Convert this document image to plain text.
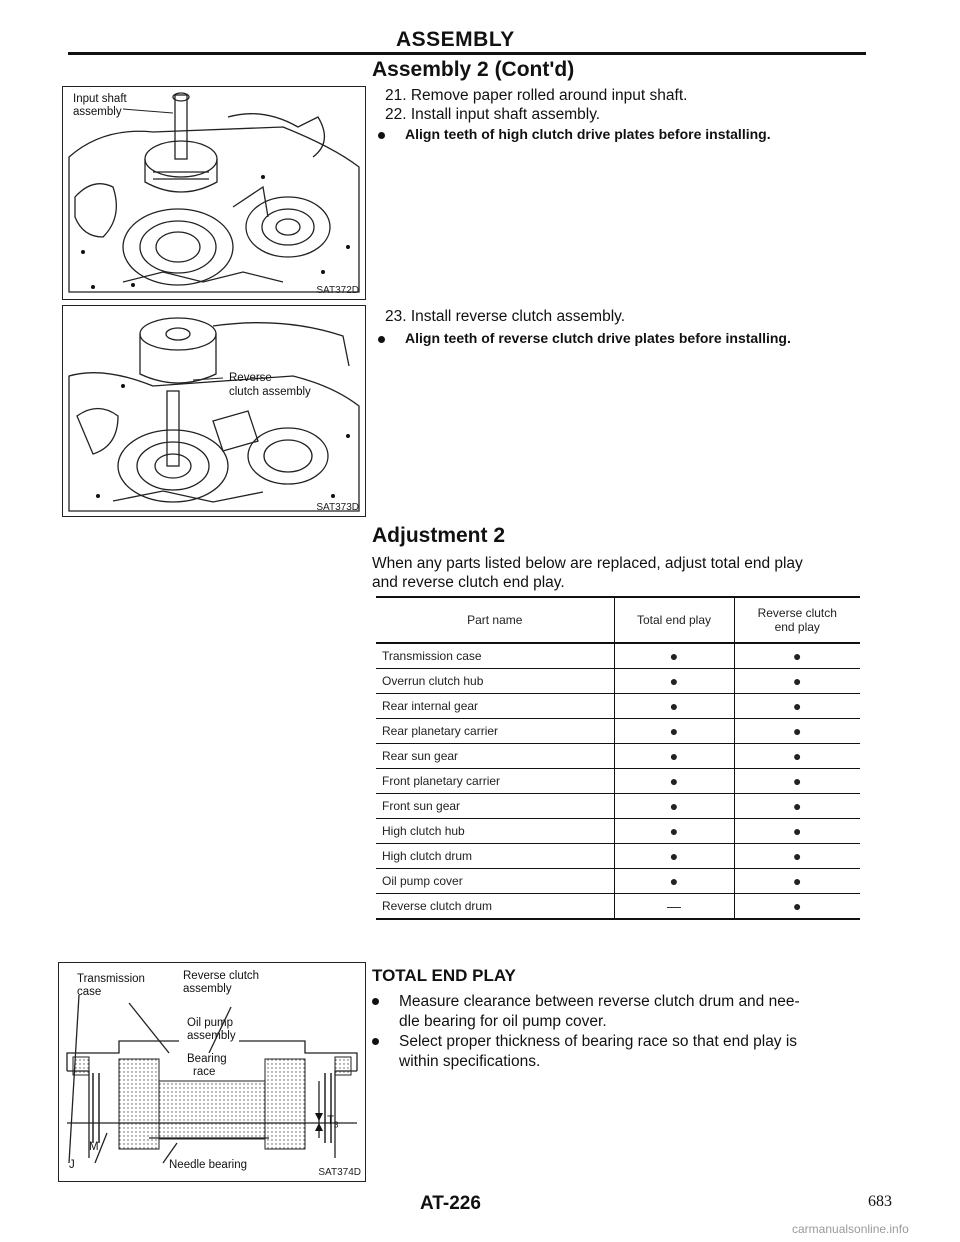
ASSEMBLY
Assembly 2 (Cont'd)
21. Remove paper rolled around input shaft.
22. Install input shaft assembly.
Align teeth of high clutch drive plates before installing.
23. Install reverse clutch assembly.
Align teeth of reverse clutch drive plates before installing.
Input shaft
assembly
SAT372D
Reverse
clutch assembly
SAT373D
Transmission
case
Reverse clutch
assembly
Oil pump
assembly
Bearing
race
$T_3$
M
J	Needle bearing
SAT374D
Adjustment 2
When any parts listed below are replaced, adjust total end play
and reverse clutch end play.
Part name	Total end play	Reverse clutch
end play

Transmission case	●	●
Overrun clutch hub	●	●
Rear internal gear	●	●
Rear planetary carrier	●	●
Rear sun gear	●	●
Front planetary carrier	●	●
Front sun gear	●	●
High clutch hub	●	●
High clutch drum	●	●
Oil pump cover	●	●
Reverse clutch drum	—	●
TOTAL END PLAY
Measure clearance between reverse clutch drum and nee-
dle bearing for oil pump cover.
Select proper thickness of bearing race so that end play is
within specifications.
AT-226	683
carmanualsonline.info
